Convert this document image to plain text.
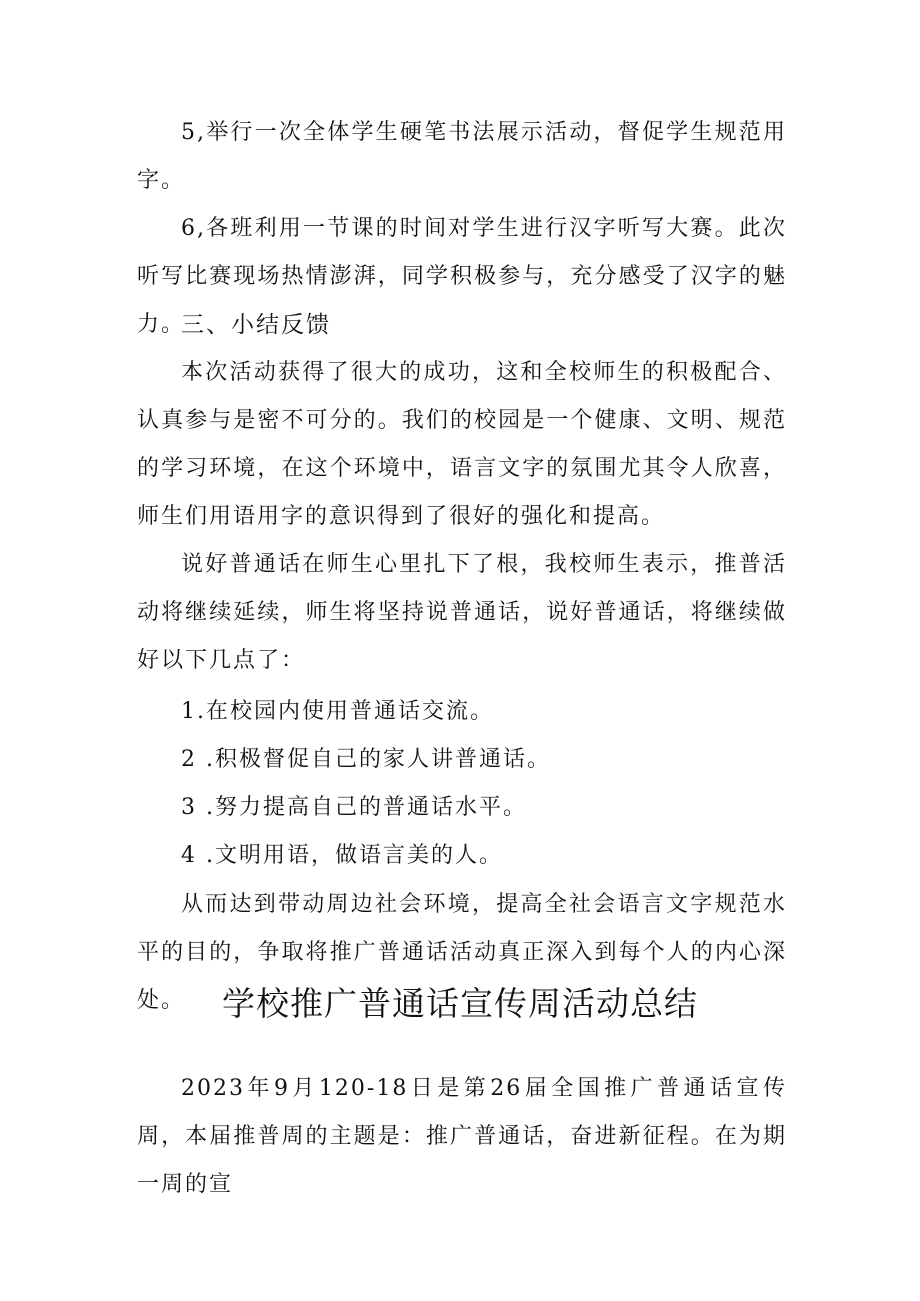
5,举行一次全体学生硬笔书法展示活动，督促学生规范用字。

6,各班利用一节课的时间对学生进行汉字听写大赛。此次听写比赛现场热情澎湃，同学积极参与，充分感受了汉字的魅力。

三、小结反馈

本次活动获得了很大的成功，这和全校师生的积极配合、认真参与是密不可分的。我们的校园是一个健康、文明、规范的学习环境，在这个环境中，语言文字的氛围尤其令人欣喜，师生们用语用字的意识得到了很好的强化和提高。

说好普通话在师生心里扎下了根，我校师生表示，推普活动将继续延续，师生将坚持说普通话，说好普通话，将继续做好以下几点了：

1.在校园内使用普通话交流。

2 .积极督促自己的家人讲普通话。

3 .努力提高自己的普通话水平。

4 .文明用语，做语言美的人。

从而达到带动周边社会环境，提高全社会语言文字规范水平的目的，争取将推广普通话活动真正深入到每个人的内心深处。	学校推广普通话宣传周活动总结

2023年9月120-18日是第26届全国推广普通话宣传周，本届推普周的主题是：推广普通话，奋进新征程。在为期一周的宣
